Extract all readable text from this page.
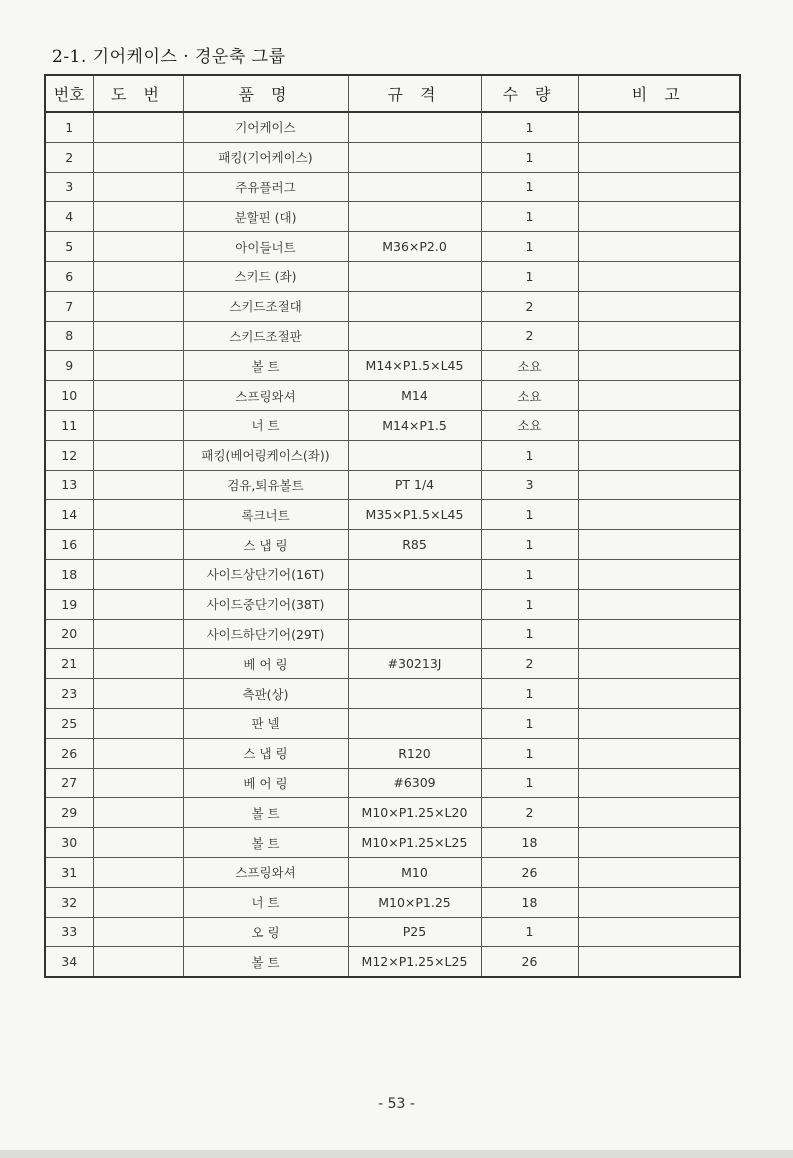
2-1. 기어케이스 · 경운축 그룹
번호	도 번	품 명	규 격	수 량	비 고
1		기어케이스		1	
2		패킹(기어케이스)		1	
3		주유플러그		1	
4		분할핀 (대)		1	
5		아이들너트	M36×P2.0	1	
6		스키드 (좌)		1	
7		스키드조절대		2	
8		스키드조절판		2	
9		볼 트	M14×P1.5×L45	소요	
10		스프링와셔	M14	소요	
11		너 트	M14×P1.5	소요	
12		패킹(베어링케이스(좌))		1	
13		검유,퇴유볼트	PT 1/4	3	
14		록크너트	M35×P1.5×L45	1	
16		스 냅 링	R85	1	
18		사이드상단기어(16T)		1	
19		사이드중단기어(38T)		1	
20		사이드하단기어(29T)		1	
21		베 어 링	#30213J	2	
23		측판(상)		1	
25		판 넬		1	
26		스 냅 링	R120	1	
27		베 어 링	#6309	1	
29		볼 트	M10×P1.25×L20	2	
30		볼 트	M10×P1.25×L25	18	
31		스프링와셔	M10	26	
32		너 트	M10×P1.25	18	
33		오 링	P25	1	
34		볼 트	M12×P1.25×L25	26	
- 53 -
